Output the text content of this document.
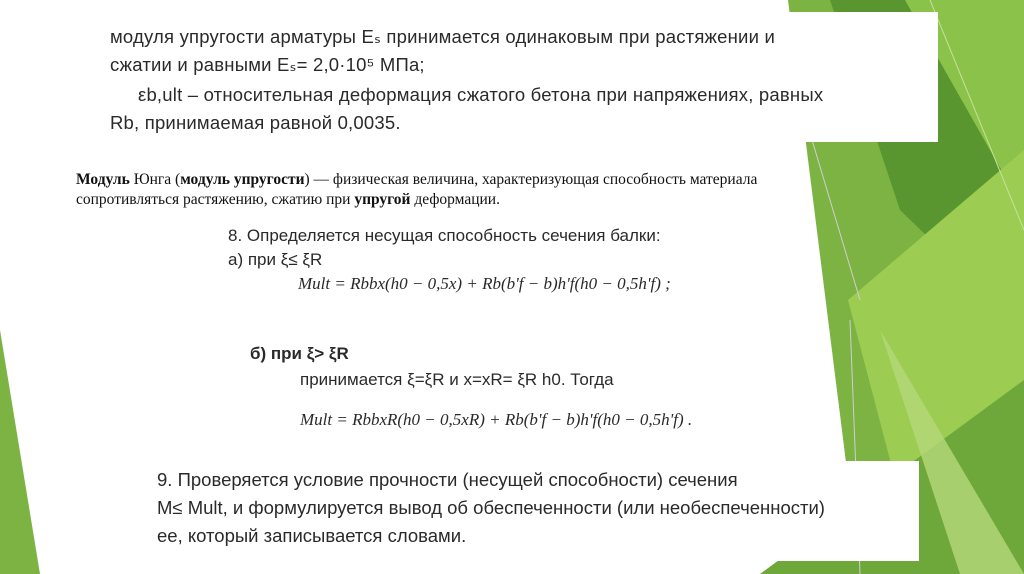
модуля упругости арматуры Eₛ принимается одинаковым при растяжении и
сжатии и равными Eₛ= 2,0·10⁵ МПа;
εb,ult – относительная деформация сжатого бетона при напряжениях, равных
Rb, принимаемая равной 0,0035.
Модуль Юнга (модуль упругости) — физическая величина, характеризующая способность материала сопротивляться растяжению, сжатию при упругой деформации.
8. Определяется несущая способность сечения балки:
а) при ξ≤ ξR
Mult = Rbbx(h0 − 0,5x) + Rb(b'f − b)h'f(h0 − 0,5h'f) ;
б) при ξ> ξR
принимается ξ=ξR и x=xR= ξR h0. Тогда
Mult = RbbxR(h0 − 0,5xR) + Rb(b'f − b)h'f(h0 − 0,5h'f) .
9. Проверяется условие прочности (несущей способности) сечения
M≤ Mult, и формулируется вывод об обеспеченности (или необеспеченности)
ее, который записывается словами.
